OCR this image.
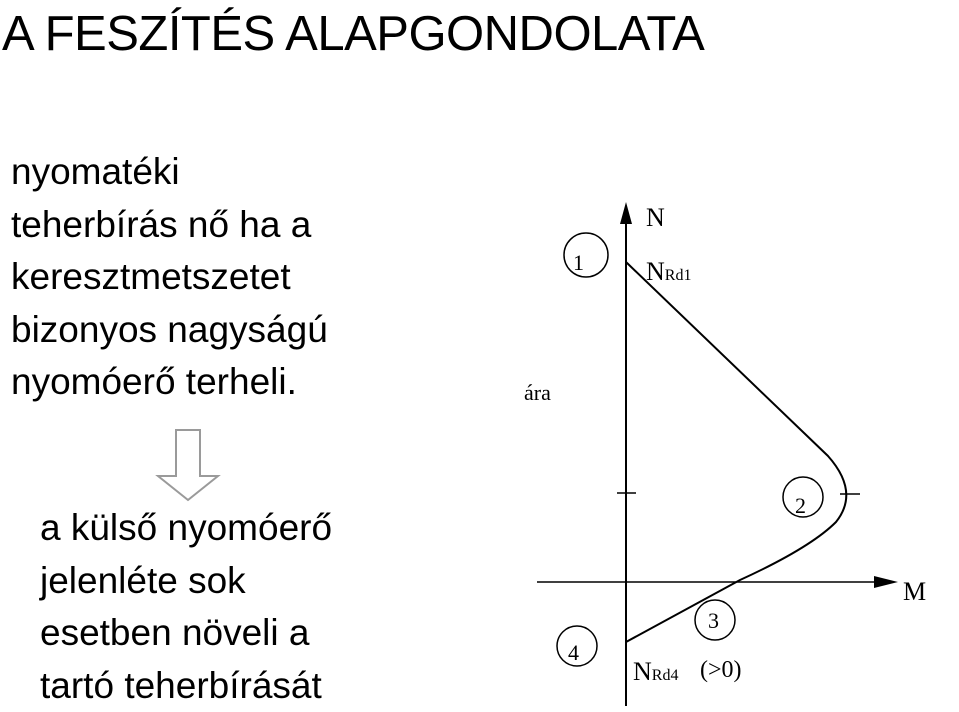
A FESZÍTÉS ALAPGONDOLATA
nyomatéki
teherbírás nő ha a
keresztmetszetet
bizonyos nagyságú
nyomóerő terheli.
a külső nyomóerő
jelenléte sok
esetben növeli a
tartó teherbírását
1
2
3
4
N
M
NRd1
NRd4 (>0)
ára
